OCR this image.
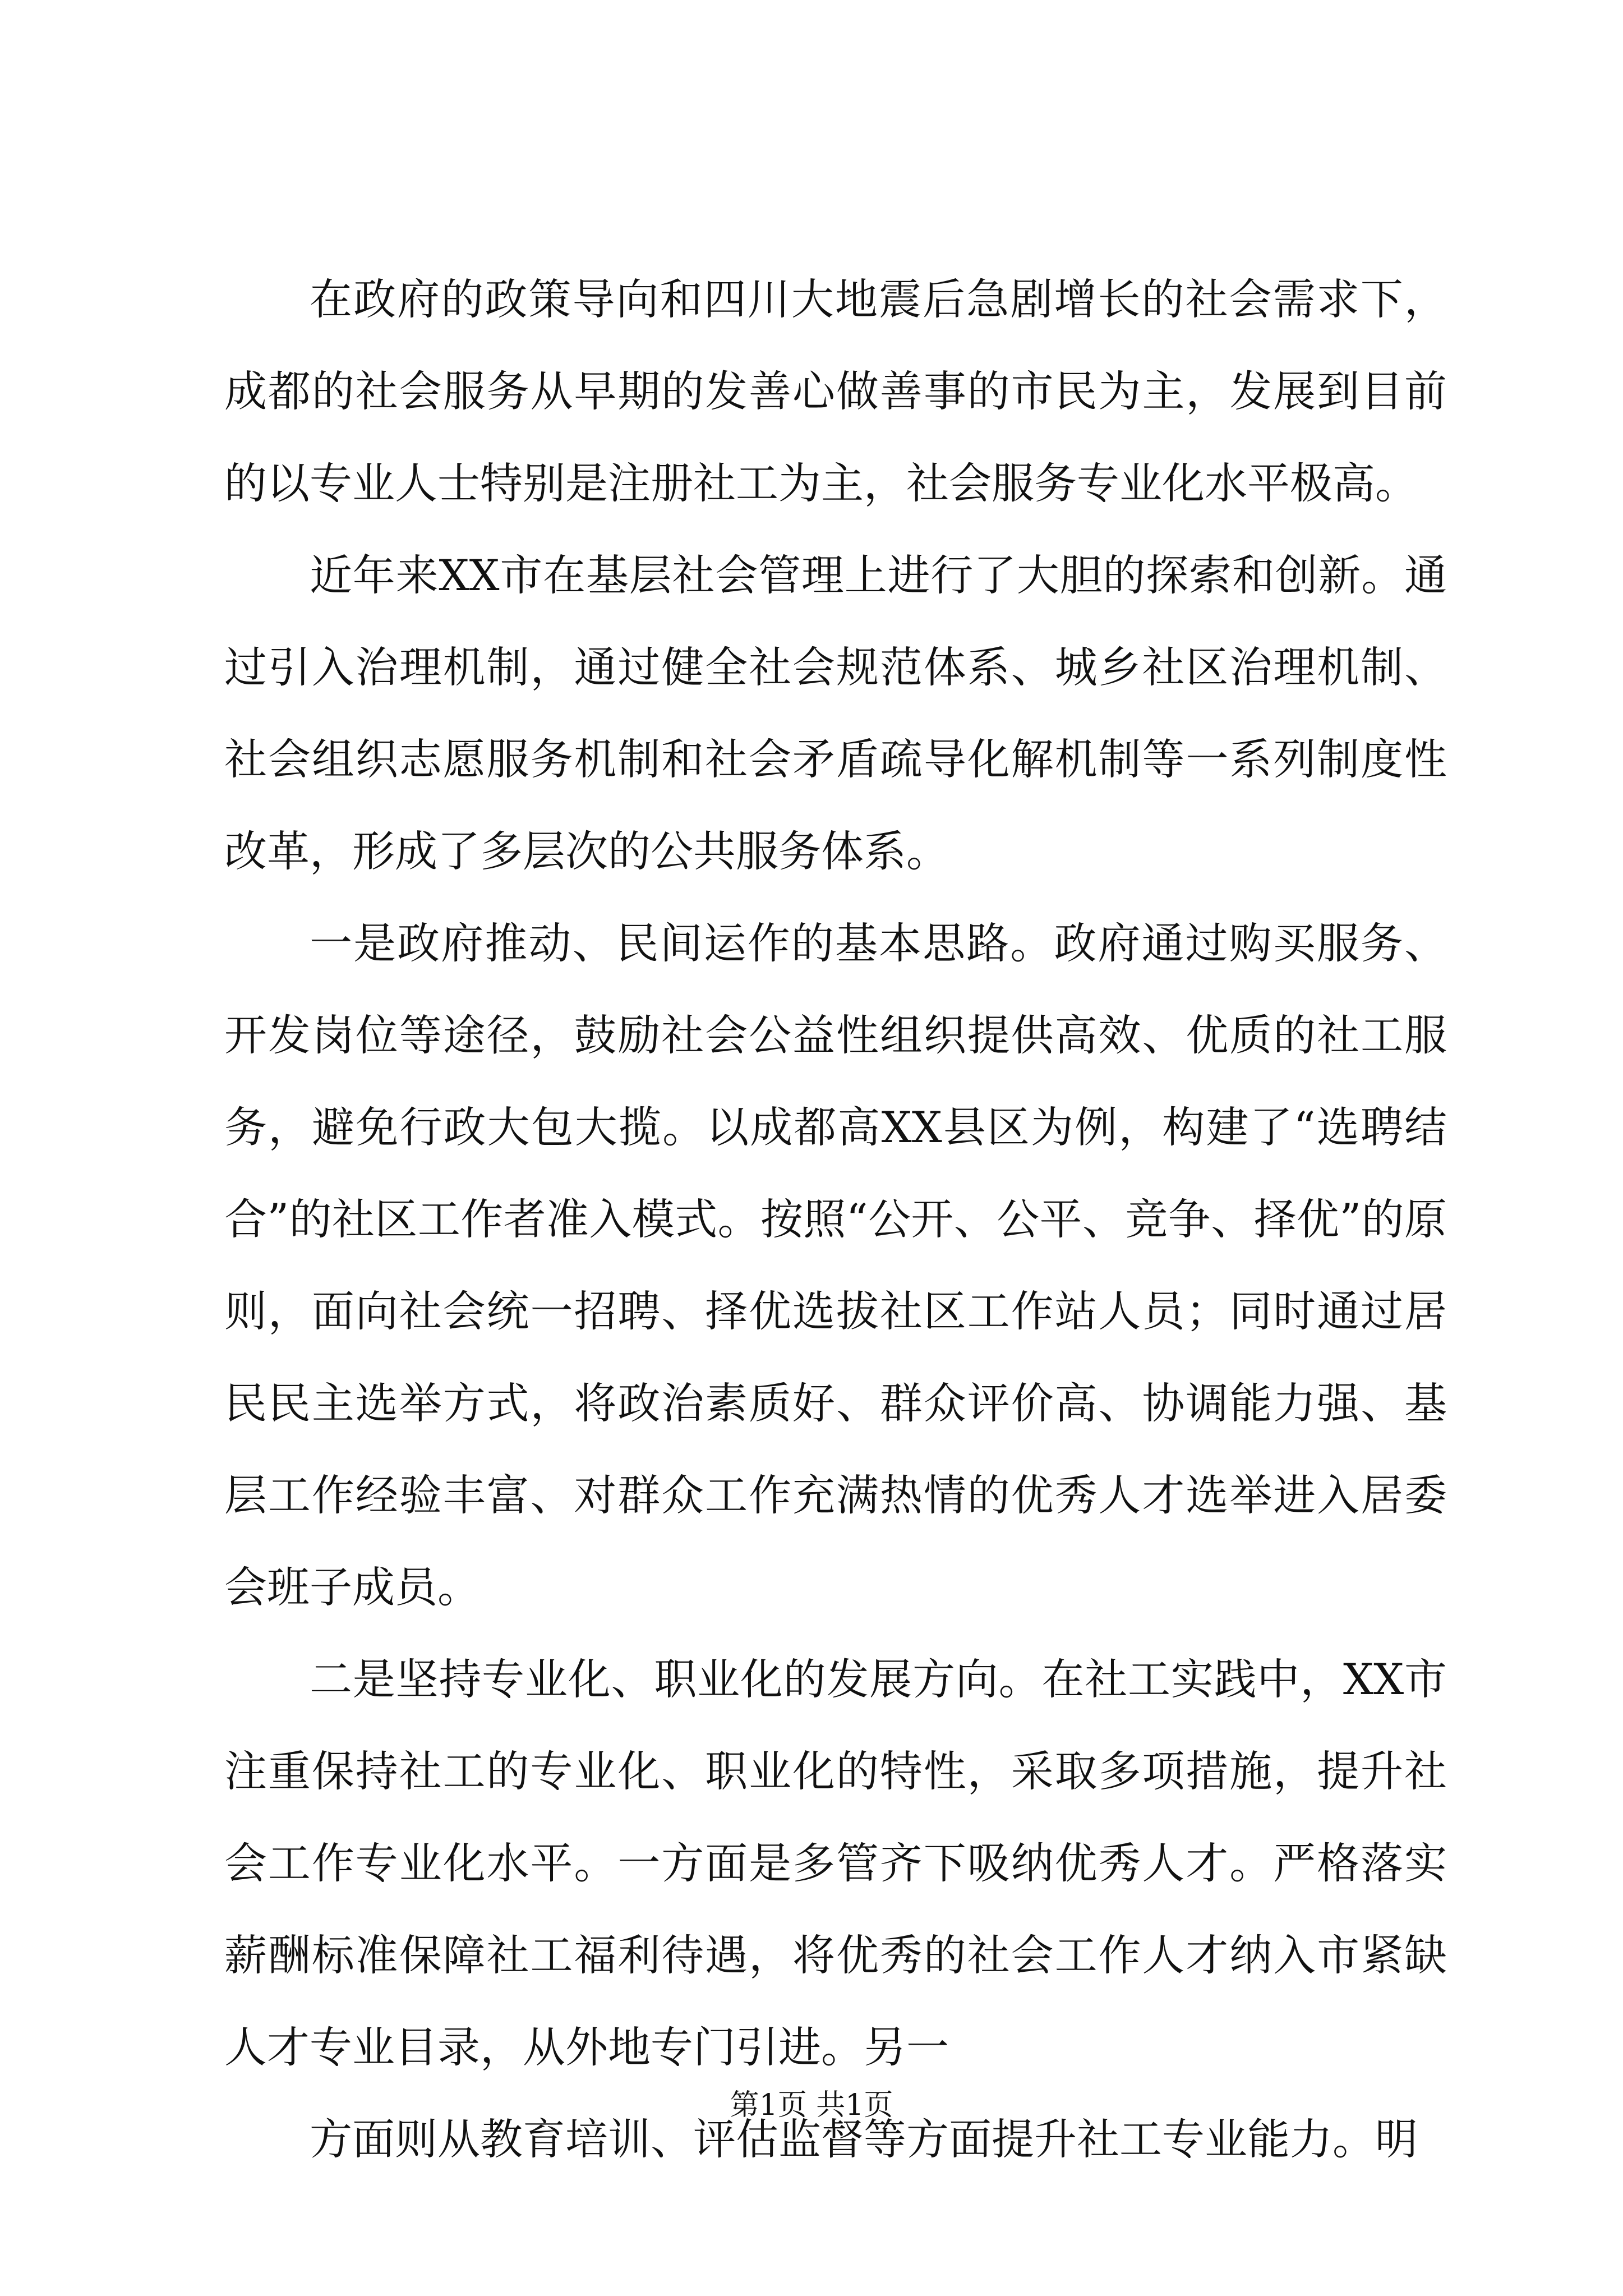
在政府的政策导向和四川大地震后急剧增长的社会需求下，成都的社会服务从早期的发善心做善事的市民为主，发展到目前的以专业人士特别是注册社工为主，社会服务专业化水平极高。

近年来XX市在基层社会管理上进行了大胆的探索和创新。通过引入治理机制，通过健全社会规范体系、城乡社区治理机制、社会组织志愿服务机制和社会矛盾疏导化解机制等一系列制度性改革，形成了多层次的公共服务体系。

一是政府推动、民间运作的基本思路。政府通过购买服务、开发岗位等途径，鼓励社会公益性组织提供高效、优质的社工服务，避免行政大包大揽。以成都高XX县区为例，构建了“选聘结合”的社区工作者准入模式。按照“公开、公平、竞争、择优”的原则，面向社会统一招聘、择优选拔社区工作站人员；同时通过居民民主选举方式，将政治素质好、群众评价高、协调能力强、基层工作经验丰富、对群众工作充满热情的优秀人才选举进入居委会班子成员。

二是坚持专业化、职业化的发展方向。在社工实践中，XX市注重保持社工的专业化、职业化的特性，采取多项措施，提升社会工作专业化水平。一方面是多管齐下吸纳优秀人才。严格落实薪酬标准保障社工福利待遇，将优秀的社会工作人才纳入市紧缺人才专业目录，从外地专门引进。另一

方面则从教育培训、评估监督等方面提升社工专业能力。明

第1页 共1页
